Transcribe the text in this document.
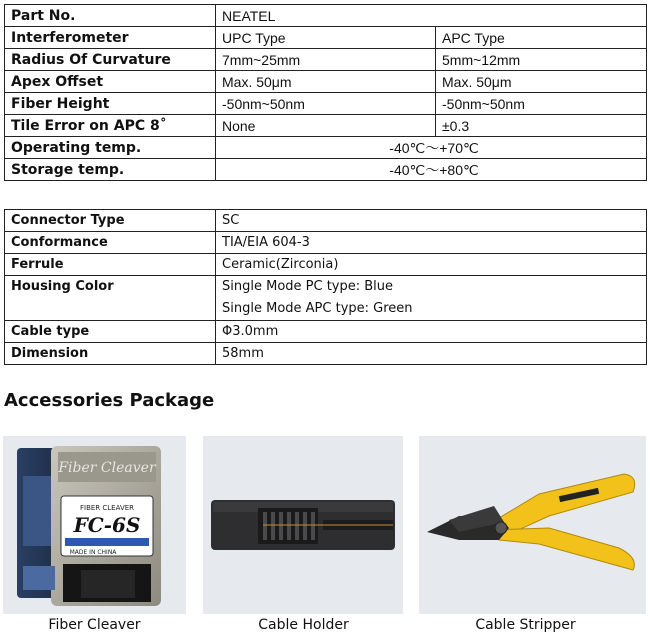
Part No.	NEATEL	
Interferometer	UPC Type	APC Type
Radius Of Curvature	7mm~25mm	5mm~12mm
Apex Offset	Max. 50μm	Max. 50μm
Fiber Height	-50nm~50nm	-50nm~50nm
Tile Error on APC 8˚	None	±0.3
Operating temp.	-40℃～+70℃	
Storage temp.	-40℃～+80℃	
Connector Type	SC
Conformance	TIA/EIA 604-3
Ferrule	Ceramic(Zirconia)

Housing Color	Single Mode PC type: Blue
Single Mode APC type: Green

Cable type	Φ3.0mm
Dimension	58mm
Accessories Package
Fiber Cleaver
FIBER CLEAVER
FC-6S
MADE IN CHINA
Fiber Cleaver	Cable Holder	Cable Stripper
